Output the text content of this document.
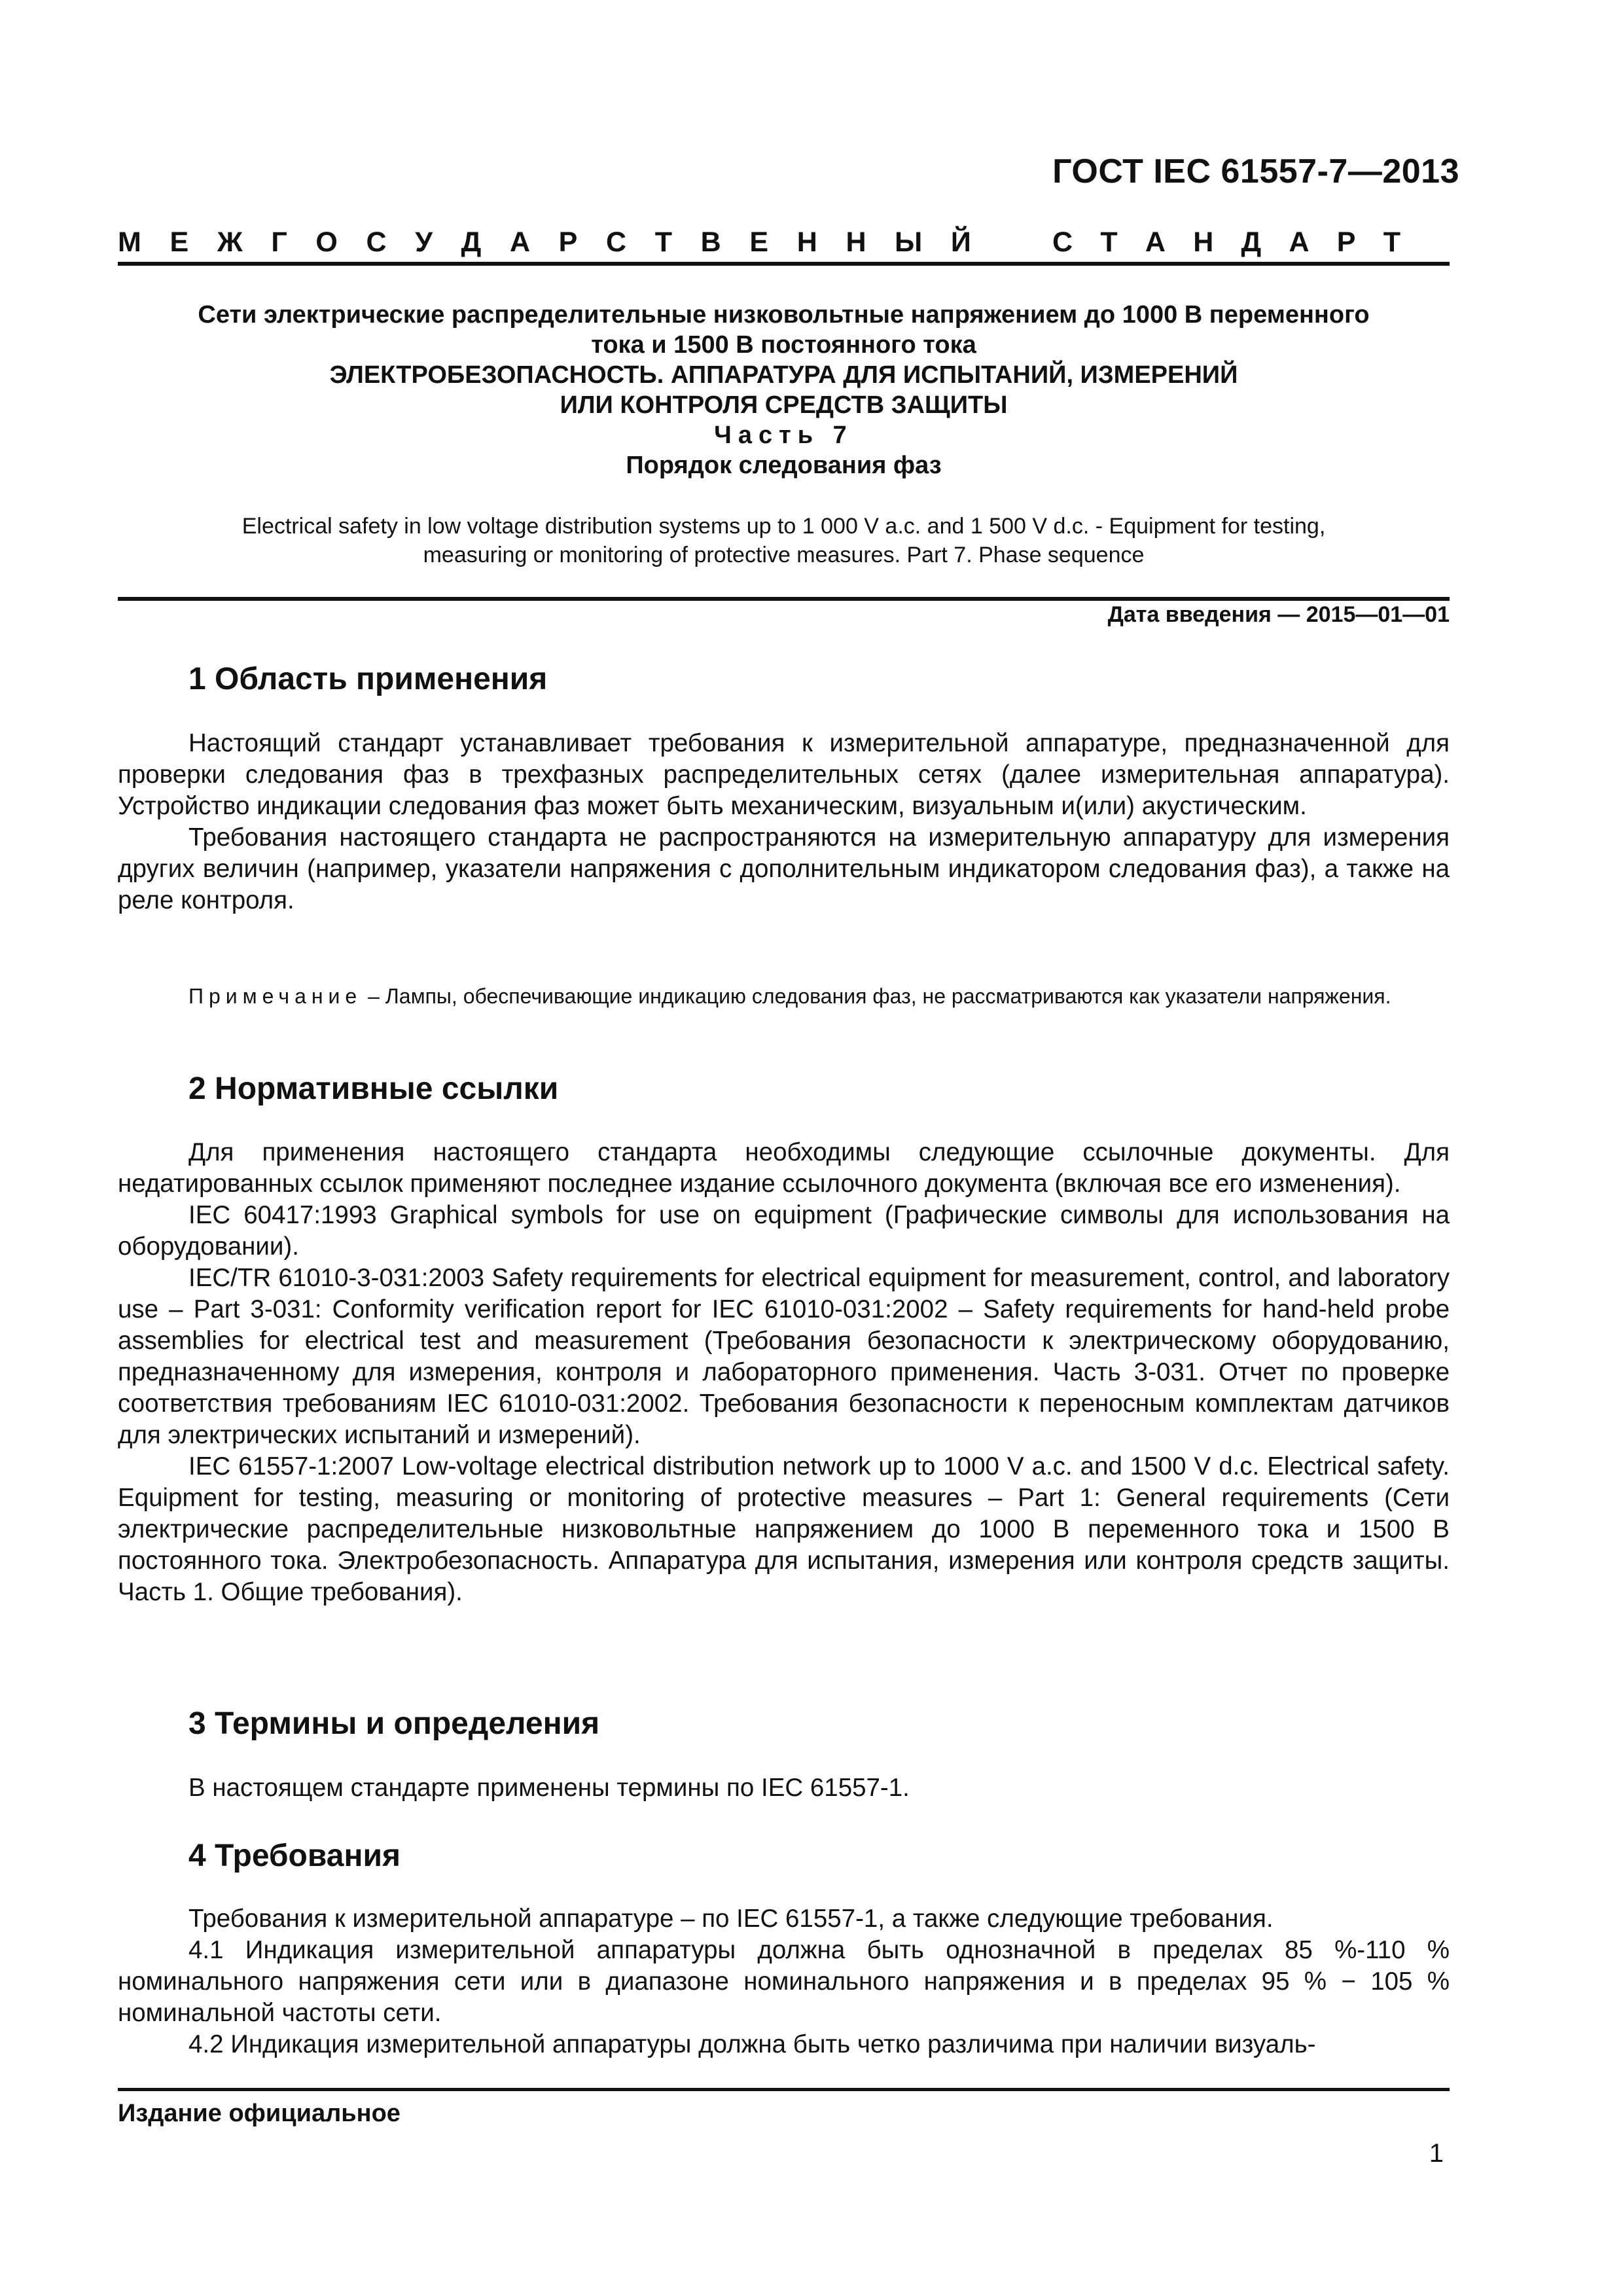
ГОСТ IEC 61557-7—2013
М Е Ж Г О С У Д А Р С Т В Е Н Н Ы Й	С Т А Н Д А Р Т
Сети электрические распределительные низковольтные напряжением до 1000 В переменного
тока и 1500 В постоянного тока
ЭЛЕКТРОБЕЗОПАСНОСТЬ. АППАРАТУРА ДЛЯ ИСПЫТАНИЙ, ИЗМЕРЕНИЙ
ИЛИ КОНТРОЛЯ СРЕДСТВ ЗАЩИТЫ
Часть 7
Порядок следования фаз
Electrical safety in low voltage distribution systems up to 1 000 V a.c. and 1 500 V d.c. - Equipment for testing,
measuring or monitoring of protective measures. Part 7. Phase sequence
Дата введения — 2015—01—01
1 Область применения

Настоящий стандарт устанавливает требования к измерительной аппаратуре, предназначенной для проверки следования фаз в трехфазных распределительных сетях (далее измерительная аппаратура). Устройство индикации следования фаз может быть механическим, визуальным и(или) акустическим.

Требования настоящего стандарта не распространяются на измерительную аппаратуру для измерения других величин (например, указатели напряжения с дополнительным индикатором следования фаз), а также на реле контроля.

Примечание – Лампы, обеспечивающие индикацию следования фаз, не рассматриваются как указатели напряжения.
2 Нормативные ссылки

Для применения настоящего стандарта необходимы следующие ссылочные документы. Для недатированных ссылок применяют последнее издание ссылочного документа (включая все его изменения).

IEC 60417:1993 Graphical symbols for use on equipment (Графические символы для использования на оборудовании).

IEC/TR 61010-3-031:2003 Safety requirements for electrical equipment for measurement, control, and laboratory use – Part 3-031: Conformity verification report for IEC 61010-031:2002 – Safety requirements for hand-held probe assemblies for electrical test and measurement (Требования безопасности к электрическому оборудованию, предназначенному для измерения, контроля и лабораторного применения. Часть 3-031. Отчет по проверке соответствия требованиям IEC 61010-031:2002. Требования безопасности к переносным комплектам датчиков для электрических испытаний и измерений).

IEC 61557-1:2007 Low-voltage electrical distribution network up to 1000 V a.c. and 1500 V d.c. Electrical safety. Equipment for testing, measuring or monitoring of protective measures – Part 1: General requirements (Сети электрические распределительные низковольтные напряжением до 1000 В переменного тока и 1500 В постоянного тока. Электробезопасность. Аппаратура для испытания, измерения или контроля средств защиты. Часть 1. Общие требования).

3 Термины и определения

В настоящем стандарте применены термины по IEC 61557-1.

4 Требования

Требования к измерительной аппаратуре – по IEC 61557-1, а также следующие требования.

4.1 Индикация измерительной аппаратуры должна быть однозначной в пределах 85 %-110 % номинального напряжения сети или в диапазоне номинального напряжения и в пределах 95 % − 105 % номинальной частоты сети.

4.2 Индикация измерительной аппаратуры должна быть четко различима при наличии визуаль-

Издание официальное
1
